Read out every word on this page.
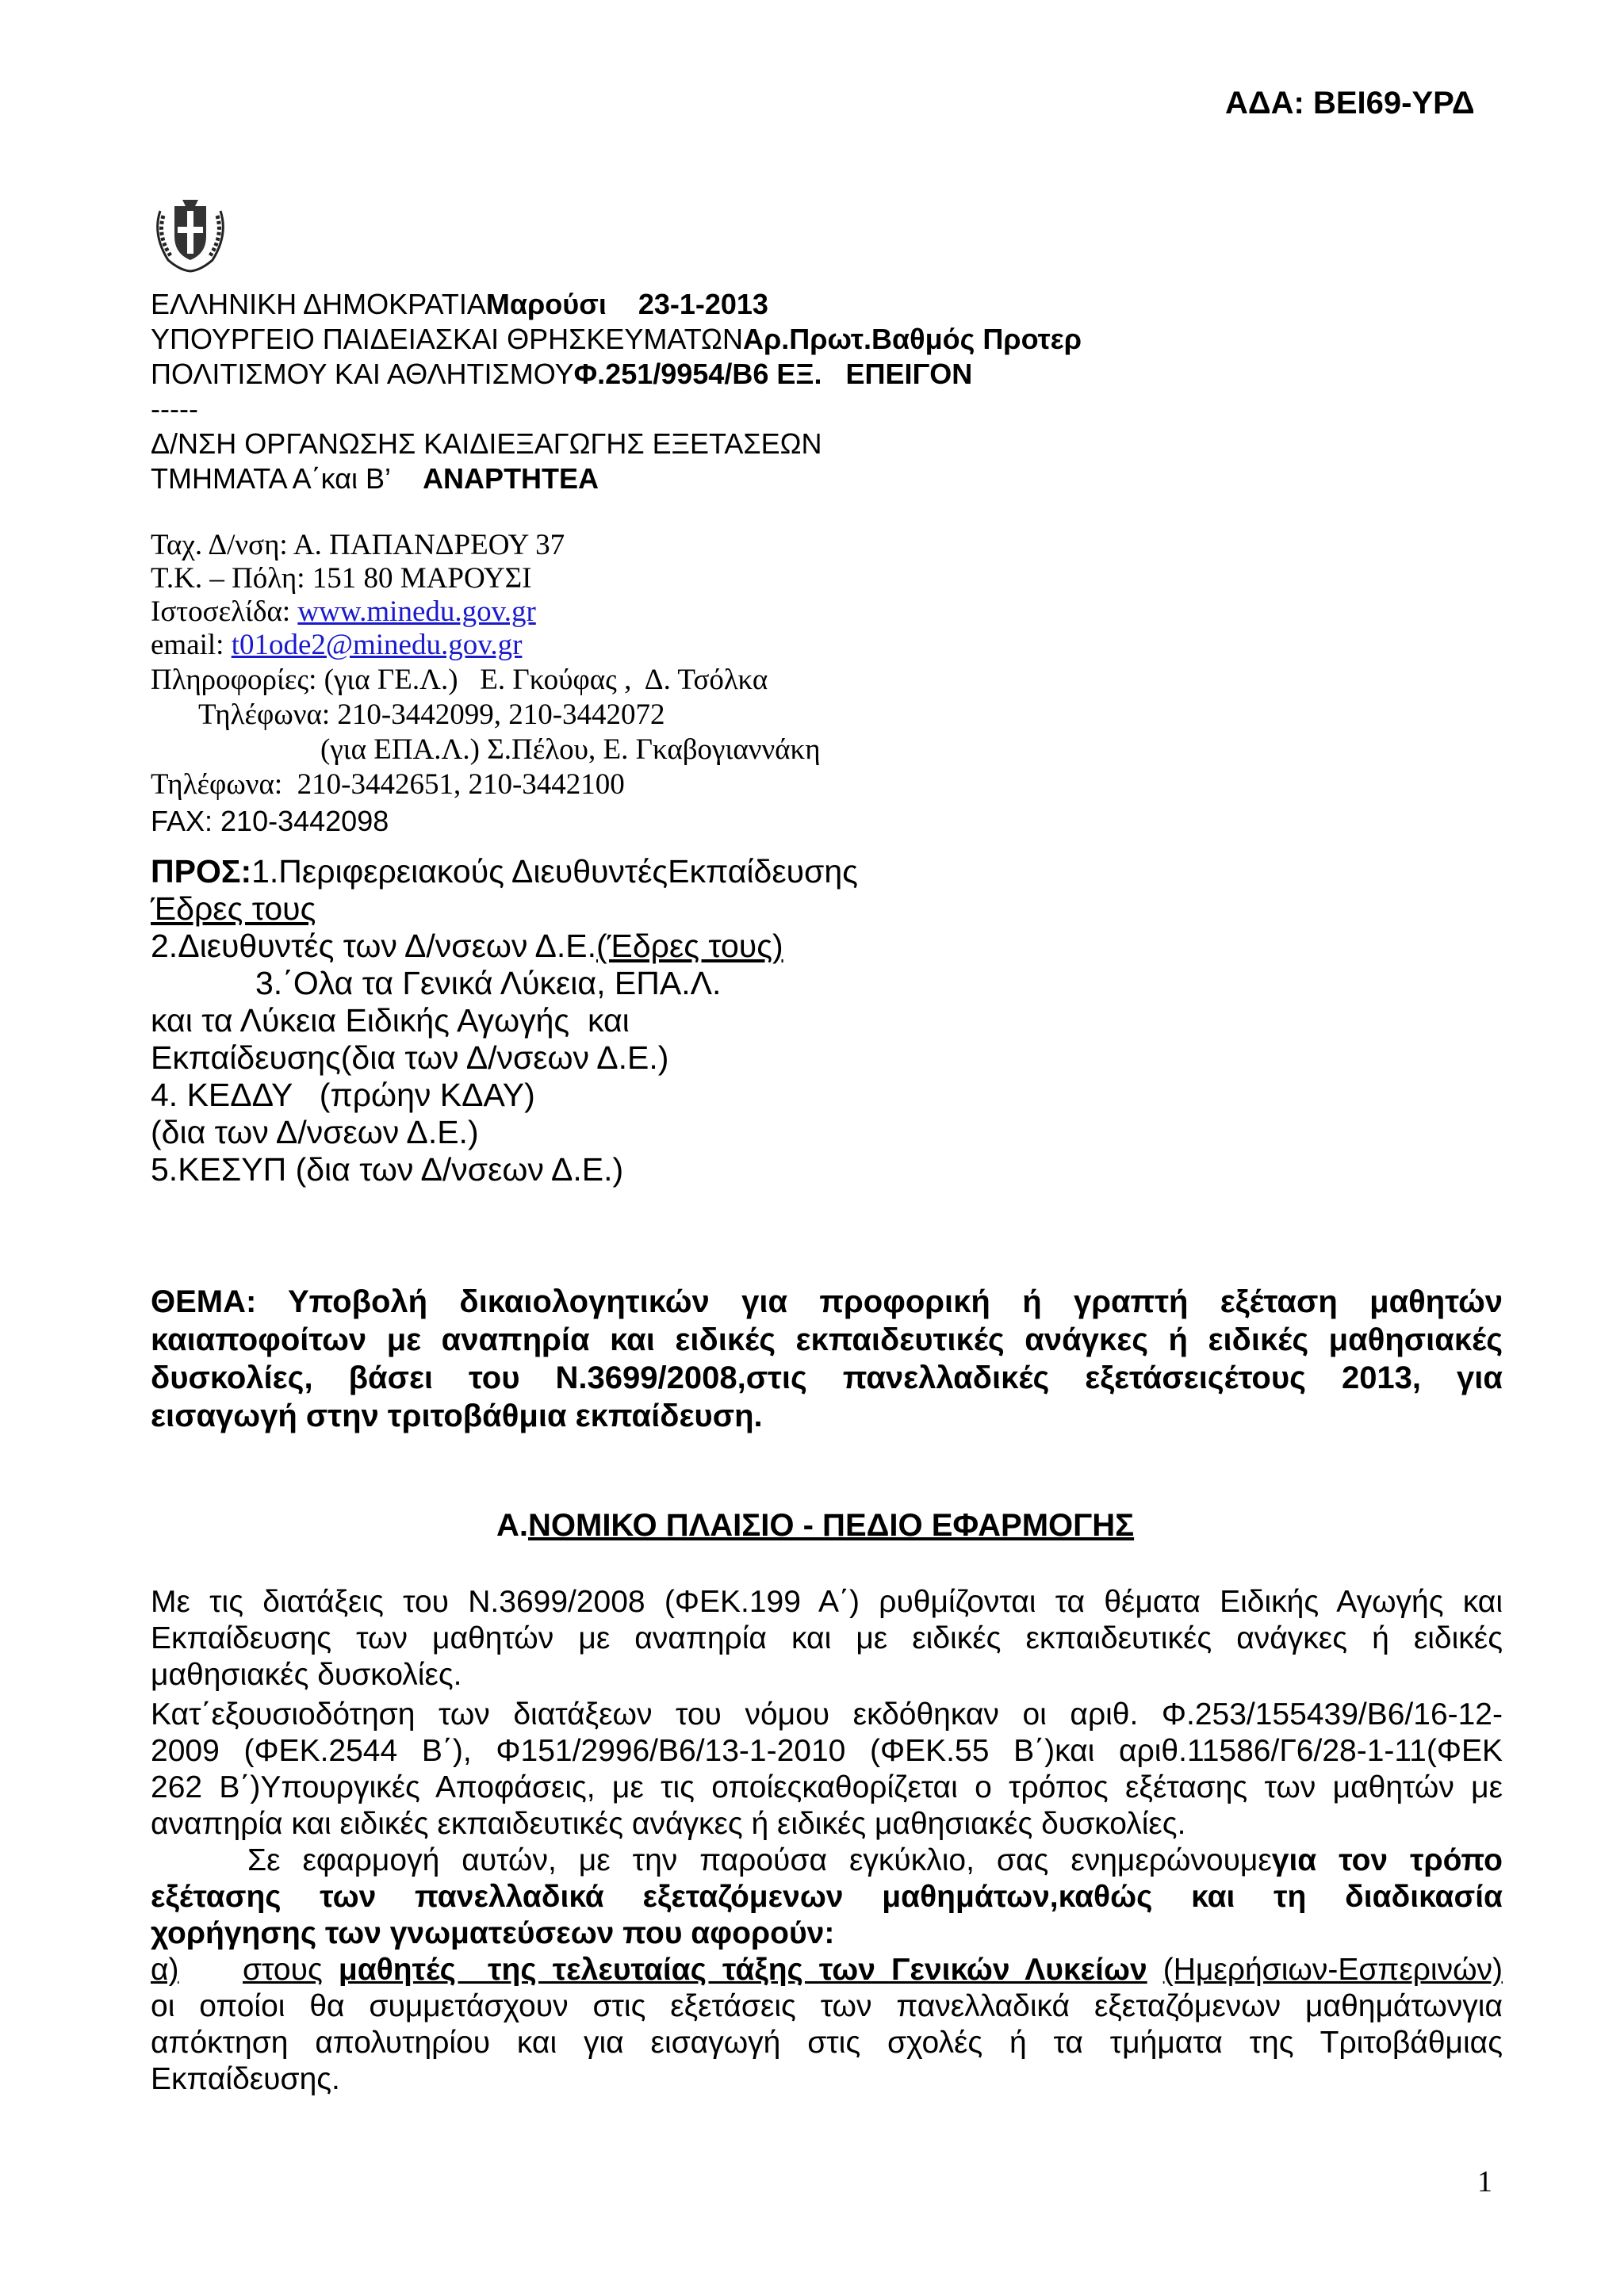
ΑΔΑ: ΒΕΙ69-ΥΡΔ
ΕΛΛΗΝΙΚΗ ΔΗΜΟΚΡΑΤΙΑΜαρούσι    23-1-2013
ΥΠΟΥΡΓΕΙΟ ΠΑΙΔΕΙΑΣΚΑΙ ΘΡΗΣΚΕΥΜΑΤΩΝΑρ.Πρωτ.Βαθμός Προτερ
ΠΟΛΙΤΙΣΜΟΥ ΚΑΙ ΑΘΛΗΤΙΣΜΟΥΦ.251/9954/Β6 ΕΞ.   ΕΠΕΙΓΟΝ
-----
Δ/ΝΣΗ ΟΡΓΑΝΩΣΗΣ ΚΑΙΔΙΕΞΑΓΩΓΗΣ ΕΞΕΤΑΣΕΩΝ
ΤΜΗΜΑΤΑ Α΄και Β’ ΑΝΑΡΤΗΤΕΑ
Ταχ. Δ/νση: Α. ΠΑΠΑΝΔΡΕΟΥ 37
Τ.Κ. – Πόλη: 151 80 ΜΑΡΟΥΣΙ
Ιστοσελίδα: www.minedu.gov.gr
email: t01ode2@minedu.gov.gr
Πληροφορίες: (για ΓΕ.Λ.)   Ε. Γκούφας ,  Δ. Τσόλκα
Τηλέφωνα: 210-3442099, 210-3442072
(για ΕΠΑ.Λ.) Σ.Πέλου, Ε. Γκαβογιαννάκη
Τηλέφωνα:  210-3442651, 210-3442100
FAX: 210-3442098
ΠΡΟΣ:1.Περιφερειακούς ΔιευθυντέςΕκπαίδευσης
Έδρες τους
2.Διευθυντές των Δ/νσεων Δ.Ε.(Έδρες τους)
3.΄Ολα τα Γενικά Λύκεια, ΕΠΑ.Λ.
και τα Λύκεια Ειδικής Αγωγής  και
Εκπαίδευσης(δια των Δ/νσεων Δ.Ε.)
4. ΚΕΔΔΥ   (πρώην ΚΔΑΥ)
(δια των Δ/νσεων Δ.Ε.)
5.ΚΕΣΥΠ (δια των Δ/νσεων Δ.Ε.)
ΘΕΜΑ: Υποβολή δικαιολογητικών για προφορική ή γραπτή εξέταση μαθητών
καιαποφοίτων με αναπηρία και ειδικές εκπαιδευτικές ανάγκες ή ειδικές μαθησιακές
δυσκολίες, βάσει του Ν.3699/2008,στις πανελλαδικές εξετάσειςέτους 2013, για
εισαγωγή στην τριτοβάθμια εκπαίδευση.
Α.ΝΟΜΙΚΟ ΠΛΑΙΣΙΟ - ΠΕΔΙΟ ΕΦΑΡΜΟΓΗΣ
Με τις διατάξεις του Ν.3699/2008 (ΦΕΚ.199 Α΄) ρυθμίζονται τα θέματα Ειδικής Αγωγής και
Εκπαίδευσης των μαθητών με αναπηρία και με ειδικές εκπαιδευτικές ανάγκες ή ειδικές
μαθησιακές δυσκολίες.
Κατ΄εξουσιοδότηση των διατάξεων του νόμου εκδόθηκαν οι αριθ. Φ.253/155439/Β6/16-12-
2009 (ΦΕΚ.2544 Β΄), Φ151/2996/Β6/13-1-2010 (ΦΕΚ.55 Β΄)και αριθ.11586/Γ6/28-1-11(ΦΕΚ
262 Β΄)Υπουργικές Αποφάσεις, με τις οποίεςκαθορίζεται ο τρόπος εξέτασης των μαθητών με
αναπηρία και ειδικές εκπαιδευτικές ανάγκες ή ειδικές μαθησιακές δυσκολίες.
Σε εφαρμογή αυτών, με την παρούσα εγκύκλιο, σας ενημερώνουμεγια τον τρόπο
εξέτασης των πανελλαδικά εξεταζόμενων μαθημάτων,καθώς και τη διαδικασία
χορήγησης των γνωματεύσεων που αφορούν:
α) στους μαθητές  της τελευταίας τάξης των Γενικών Λυκείων (Ημερήσιων-Εσπερινών)
οι οποίοι θα συμμετάσχουν στις εξετάσεις των πανελλαδικά εξεταζόμενων μαθημάτωνγια
απόκτηση απολυτηρίου και για εισαγωγή στις σχολές ή τα τμήματα της Τριτοβάθμιας
Εκπαίδευσης.
1
